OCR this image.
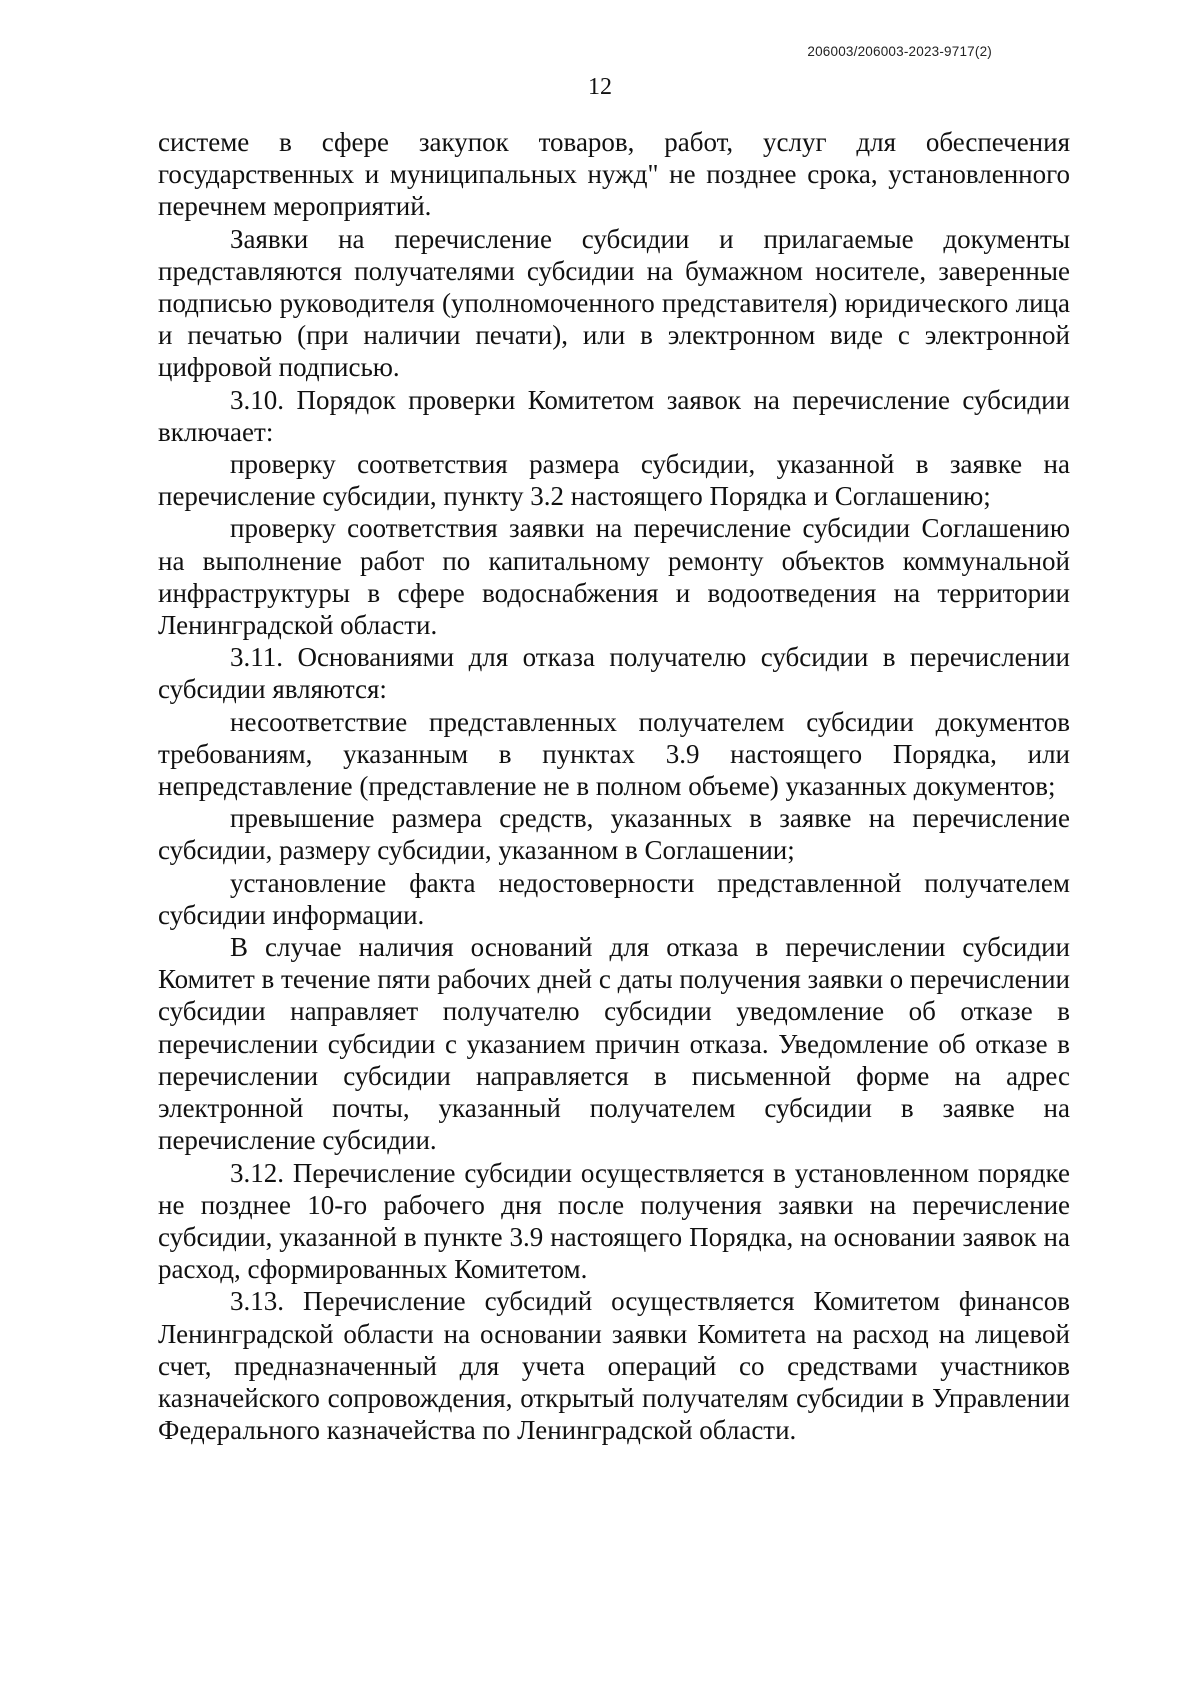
206003/206003-2023-9717(2)
12

системе в сфере закупок товаров, работ, услуг для обеспечения государственных и муниципальных нужд" не позднее срока, установленного перечнем мероприятий.

Заявки на перечисление субсидии и прилагаемые документы представляются получателями субсидии на бумажном носителе, заверенные подписью руководителя (уполномоченного представителя) юридического лица и печатью (при наличии печати), или в электронном виде с электронной цифровой подписью.

3.10. Порядок проверки Комитетом заявок на перечисление субсидии включает:

проверку соответствия размера субсидии, указанной в заявке на перечисление субсидии, пункту 3.2 настоящего Порядка и Соглашению;

проверку соответствия заявки на перечисление субсидии Соглашению на выполнение работ по капитальному ремонту объектов коммунальной инфраструктуры в сфере водоснабжения и водоотведения на территории Ленинградской области.

3.11. Основаниями для отказа получателю субсидии в перечислении субсидии являются:

несоответствие представленных получателем субсидии документов требованиям, указанным в пунктах 3.9 настоящего Порядка, или непредставление (представление не в полном объеме) указанных документов;

превышение размера средств, указанных в заявке на перечисление субсидии, размеру субсидии, указанном в Соглашении;

установление факта недостоверности представленной получателем субсидии информации.

В случае наличия оснований для отказа в перечислении субсидии Комитет в течение пяти рабочих дней с даты получения заявки о перечислении субсидии направляет получателю субсидии уведомление об отказе в перечислении субсидии с указанием причин отказа. Уведомление об отказе в перечислении субсидии направляется в письменной форме на адрес электронной почты, указанный получателем субсидии в заявке на перечисление субсидии.

3.12. Перечисление субсидии осуществляется в установленном порядке не позднее 10-го рабочего дня после получения заявки на перечисление субсидии, указанной в пункте 3.9 настоящего Порядка, на основании заявок на расход, сформированных Комитетом.

3.13. Перечисление субсидий осуществляется Комитетом финансов Ленинградской области на основании заявки Комитета на расход на лицевой счет, предназначенный для учета операций со средствами участников казначейского сопровождения, открытый получателям субсидии в Управлении Федерального казначейства по Ленинградской области.
